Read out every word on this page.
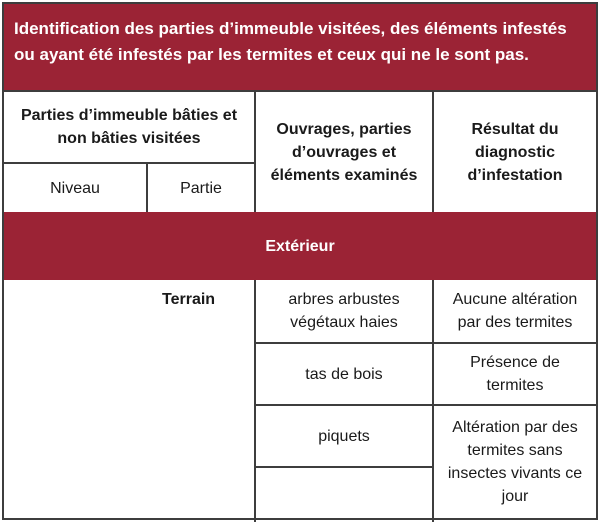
Identification des parties d’immeuble visitées, des éléments infestés ou ayant été infestés par les termites et ceux qui ne le sont pas.
Parties d’immeuble bâties et non bâties visitées
Niveau	Partie
Ouvrages, parties d’ouvrages et éléments examinés
Résultat du diagnostic d’infestation
Extérieur
Terrain	arbres arbustes végétaux haies
Aucune altération par des termites
tas de bois
Présence de termites
piquets
Altération par des termites sans insectes vivants ce jour
